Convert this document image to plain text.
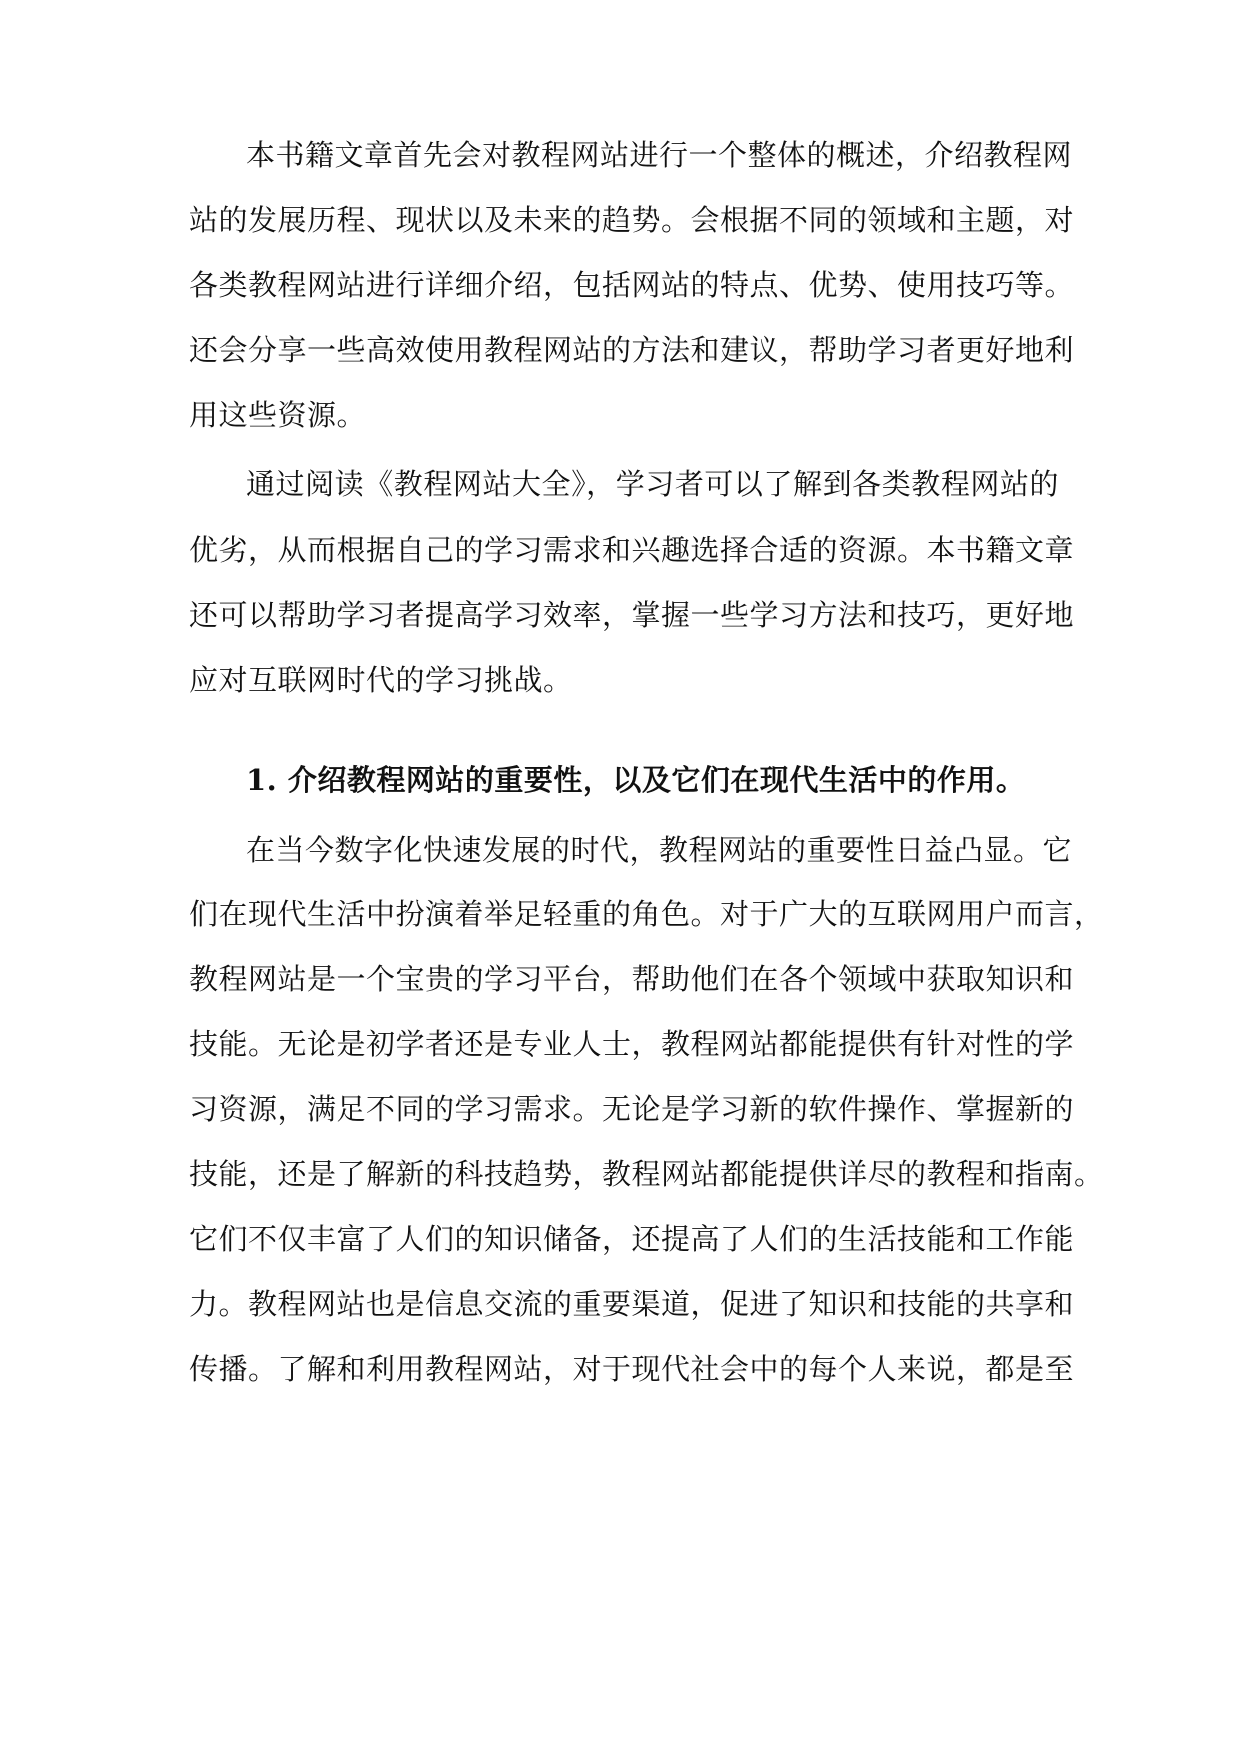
本书籍文章首先会对教程网站进行一个整体的概述，介绍教程网
站的发展历程、现状以及未来的趋势。会根据不同的领域和主题，对
各类教程网站进行详细介绍，包括网站的特点、优势、使用技巧等。
还会分享一些高效使用教程网站的方法和建议，帮助学习者更好地利
用这些资源。
通过阅读《教程网站大全》，学习者可以了解到各类教程网站的
优劣，从而根据自己的学习需求和兴趣选择合适的资源。本书籍文章
还可以帮助学习者提高学习效率，掌握一些学习方法和技巧，更好地
应对互联网时代的学习挑战。
1. 介绍教程网站的重要性，以及它们在现代生活中的作用。
在当今数字化快速发展的时代，教程网站的重要性日益凸显。它
们在现代生活中扮演着举足轻重的角色。对于广大的互联网用户而言，
教程网站是一个宝贵的学习平台，帮助他们在各个领域中获取知识和
技能。无论是初学者还是专业人士，教程网站都能提供有针对性的学
习资源，满足不同的学习需求。无论是学习新的软件操作、掌握新的
技能，还是了解新的科技趋势，教程网站都能提供详尽的教程和指南。
它们不仅丰富了人们的知识储备，还提高了人们的生活技能和工作能
力。教程网站也是信息交流的重要渠道，促进了知识和技能的共享和
传播。了解和利用教程网站，对于现代社会中的每个人来说，都是至
